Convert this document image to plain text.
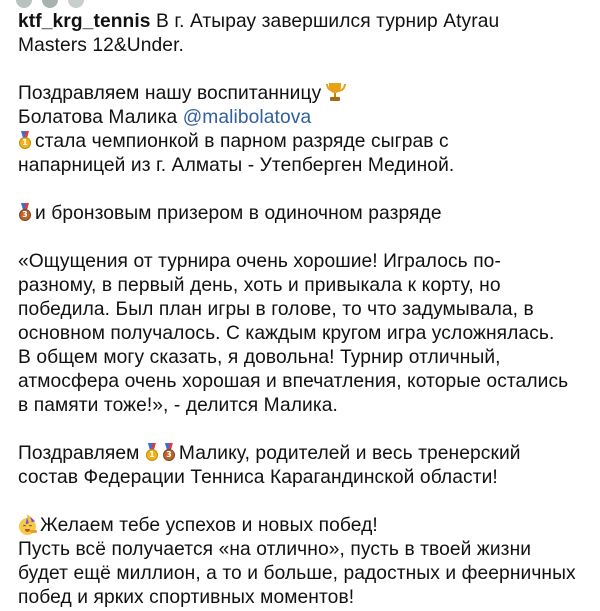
ktf_krg_tennis В г. Атырау завершился турнир Atyrau

Masters 12&Under.

Поздравляем нашу воспитанницу

Болатова Малика @malibolatova

1 стала чемпионкой в парном разряде сыграв с

напарницей из г. Алматы - Утепберген Мединой.

3 и бронзовым призером в одиночном разряде

«Ощущения от турнира очень хорошие! Игралось по-

разному, в первый день, хоть и привыкала к корту, но

победила. Был план игры в голове, то что задумывала, в

основном получалось. С каждым кругом игра усложнялась.

В общем могу сказать, я довольна! Турнир отличный,

атмосфера очень хорошая и впечатления, которые остались

в памяти тоже!», - делится Малика.

Поздравляем	1	3 Малику, родителей и весь тренерский

состав Федерации Тенниса Карагандинской области!

Желаем тебе успехов и новых побед!

Пусть всё получается «на отлично», пусть в твоей жизни

будет ещё миллион, а то и больше, радостных и феерничных

побед и ярких спортивных моментов!
